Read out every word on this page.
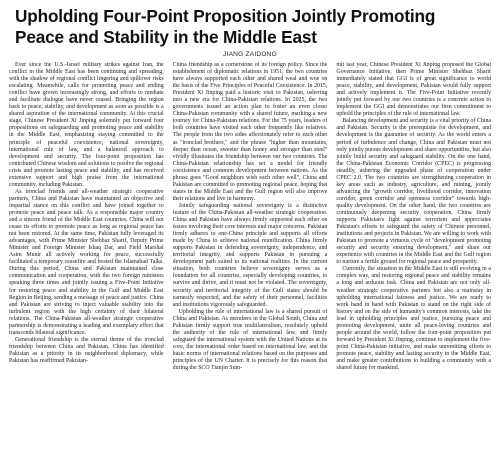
Upholding Four-Point Proposition Jointly Promoting
Peace and Stability in the Middle East
JIANG ZAIDONG

Ever since the U.S.-Israel military strikes against Iran, the conflict in the Middle East has been continuing and spreading, with the shadow of regional conflict lingering and spillover risks escalating. Meanwhile, calls for promoting peace and ending conflict have grown increasingly strong, and efforts to mediate and facilitate dialogue have never ceased. Bringing the region back to peace, stability, and development as soon as possible is a shared aspiration of the international community. At this crucial stage, Chinese President Xi Jinping solemnly put forward four propositions on safeguarding and promoting peace and stability in the Middle East, emphasizing staying committed to the principle of peaceful coexistence, national sovereignty, international rule of law, and a balanced approach to development and security. The four-point proposition has contributed Chinese wisdom and solutions to resolve the regional crisis and promote lasting peace and stability, and has received extensive support and high praise from the international community, including Pakistan.

As ironclad friends and all-weather strategic cooperative partners, China and Pakistan have maintained an objective and impartial stance on this conflict and have joined together to promote peace and peace talk. As a responsible major country and a sincere friend of the Middle East countries, China will not cease its efforts to promote peace as long as regional peace has not been restored. At the same time, Pakistan fully leveraged its advantages, with Prime Minister Shehbaz Sharif, Deputy Prime Minister and Foreign Minister Ishaq Dar, and Field Marshal Asim Munir all actively working for peace, successfully facilitated a temporary ceasefire and hosted the Islamabad Talks. During this period, China and Pakistan maintained close communication and cooperation, with the two foreign ministers speaking three times and jointly issuing a Five-Point Initiative for restoring peace and stability in the Gulf and Middle East Region in Beijing, sending a message of peace and justice. China and Pakistan are striving to inject valuable stability into the turbulent region with the high certainty of their bilateral relations. The China-Pakistan all-weather strategic cooperative partnership is demonstrating a leading and exemplary effect that transcends bilateral significance.

Generational friendship is the eternal theme of the ironclad friendship between China and Pakistan. China has identified Pakistan as a priority in its neighborhood diplomacy, while Pakistan has reaffirmed Pakistan-

China friendship as a cornerstone of its foreign policy. Since the establishment of diplomatic relations in 1951, the two countries have always supported each other and shared weal and woe on the basis of the Five Principles of Peaceful Coexistence. In 2015, President Xi Jinping paid a historic visit to Pakistan, ushering into a new era for China-Pakistan relations. In 2025, the two governments issued an action plan to foster an even closer China-Pakistan community with a shared future, marking a new journey for China-Pakistan relations. For the 75 years, leaders of both countries have visited each other frequently like relatives. The people from the two sides affectionately refer to each other as "ironclad brothers," and the phrase "higher than mountains, deeper than ocean, sweeter than honey and stronger than steel" vividly illustrates the friendship between our two countries. The China-Pakistan relationship has set a model for friendly coexistence and common development between nations. As the phrase goes "Good neighbors wish each other well", China and Pakistan are committed to promoting regional peace, hoping that states in the Middle East and the Gulf region will also improve their relations and live in harmony.

Jointly safeguarding national sovereignty is a distinctive feature of the China-Pakistan all-weather strategic cooperation. China and Pakistan have always firmly supported each other on issues involving their core interests and major concerns. Pakistan firmly adheres to one-China principle and supports all efforts made by China to achieve national reunification. China firmly supports Pakistan in defending sovereignty, independence, and territorial integrity, and supports Pakistan in pursuing a development path suited to its national realities. In the current situation, both countries believe sovereignty serves as a foundation for all countries, especially developing countries, to survive and thrive, and it must not be violated. The sovereignty, security and territorial integrity of the Gulf states should be earnestly respected, and the safety of their personnel, facilities and institutions vigorously safeguarded.

Upholding the rule of international law is a shared pursuit of China and Pakistan. As members in the Global South, China and Pakistan firmly support true multilateralism, resolutely uphold the authority of the rule of international law, and firmly safeguard the international system with the United Nations at its core, the international order based on international law, and the basic norms of international relations based on the purposes and principles of the UN Charter. It is precisely for this reason that during the SCO Tianjin Sum-

mit last year, Chinese President Xi Jinping proposed the Global Governance Initiative, then Prime Minister Shehbaz Sharif immediately stated that GGI is of great significance to world peace, stability, and development, Pakistan would fully support and actively implement it. The Five-Point Initiative recently jointly put forward by our two countries is a concrete action to implement the GGI and demonstrates our firm commitment to uphold the principles of the rule of international law.

Balancing development and security is a vital priority of China and Pakistan. Security is the prerequisite for development, and development is the guarantee of security. As the world enters a period of turbulence and change, China and Pakistan must not only jointly pursue development and share opportunities, but also jointly build security and safeguard stability. On the one hand, the China-Pakistan Economic Corridor (CPEC) is progressing steadily, ushering the upgraded phase of cooperation under CPEC 2.0. The two countries are strengthening cooperation in key areas such as industry, agriculture, and mining, jointly advancing the "growth corridor, livelihood corridor, innovation corridor, green corridor and openness corridor" towards high-quality development. On the other hand, the two countries are continuously deepening security cooperation. China firmly supports Pakistan's fight against terrorism and appreciates Pakistan's efforts to safeguard the safety of Chinese personnel, institutions and projects in Pakistan. We are willing to work with Pakistan to promote a virtuous cycle of "development promoting security and security ensuring development," and share our experience with countries in the Middle East and the Gulf region to nurture a fertile ground for regional peace and prosperity.

Currently, the situation in the Middle East is still evolving in a complex way, and restoring regional peace and stability remains a long and arduous task. China and Pakistan are not only all-weather strategic cooperative partners but also a mainstay in upholding international fairness and justice. We are ready to work hand in hand with Pakistan to stand on the right side of history and on the side of humanity's common interests, take the lead in upholding principles and justice, pursuing peace and promoting development, unite all peace-loving countries and people around the world, follow the four-point proposition put forward by President Xi Jinping, continue to implement the five-point China-Pakistan initiative, and make unremitting efforts to promote peace, stability and lasting security in the Middle East, and make greater contributions to building a community with a shared future for mankind.
